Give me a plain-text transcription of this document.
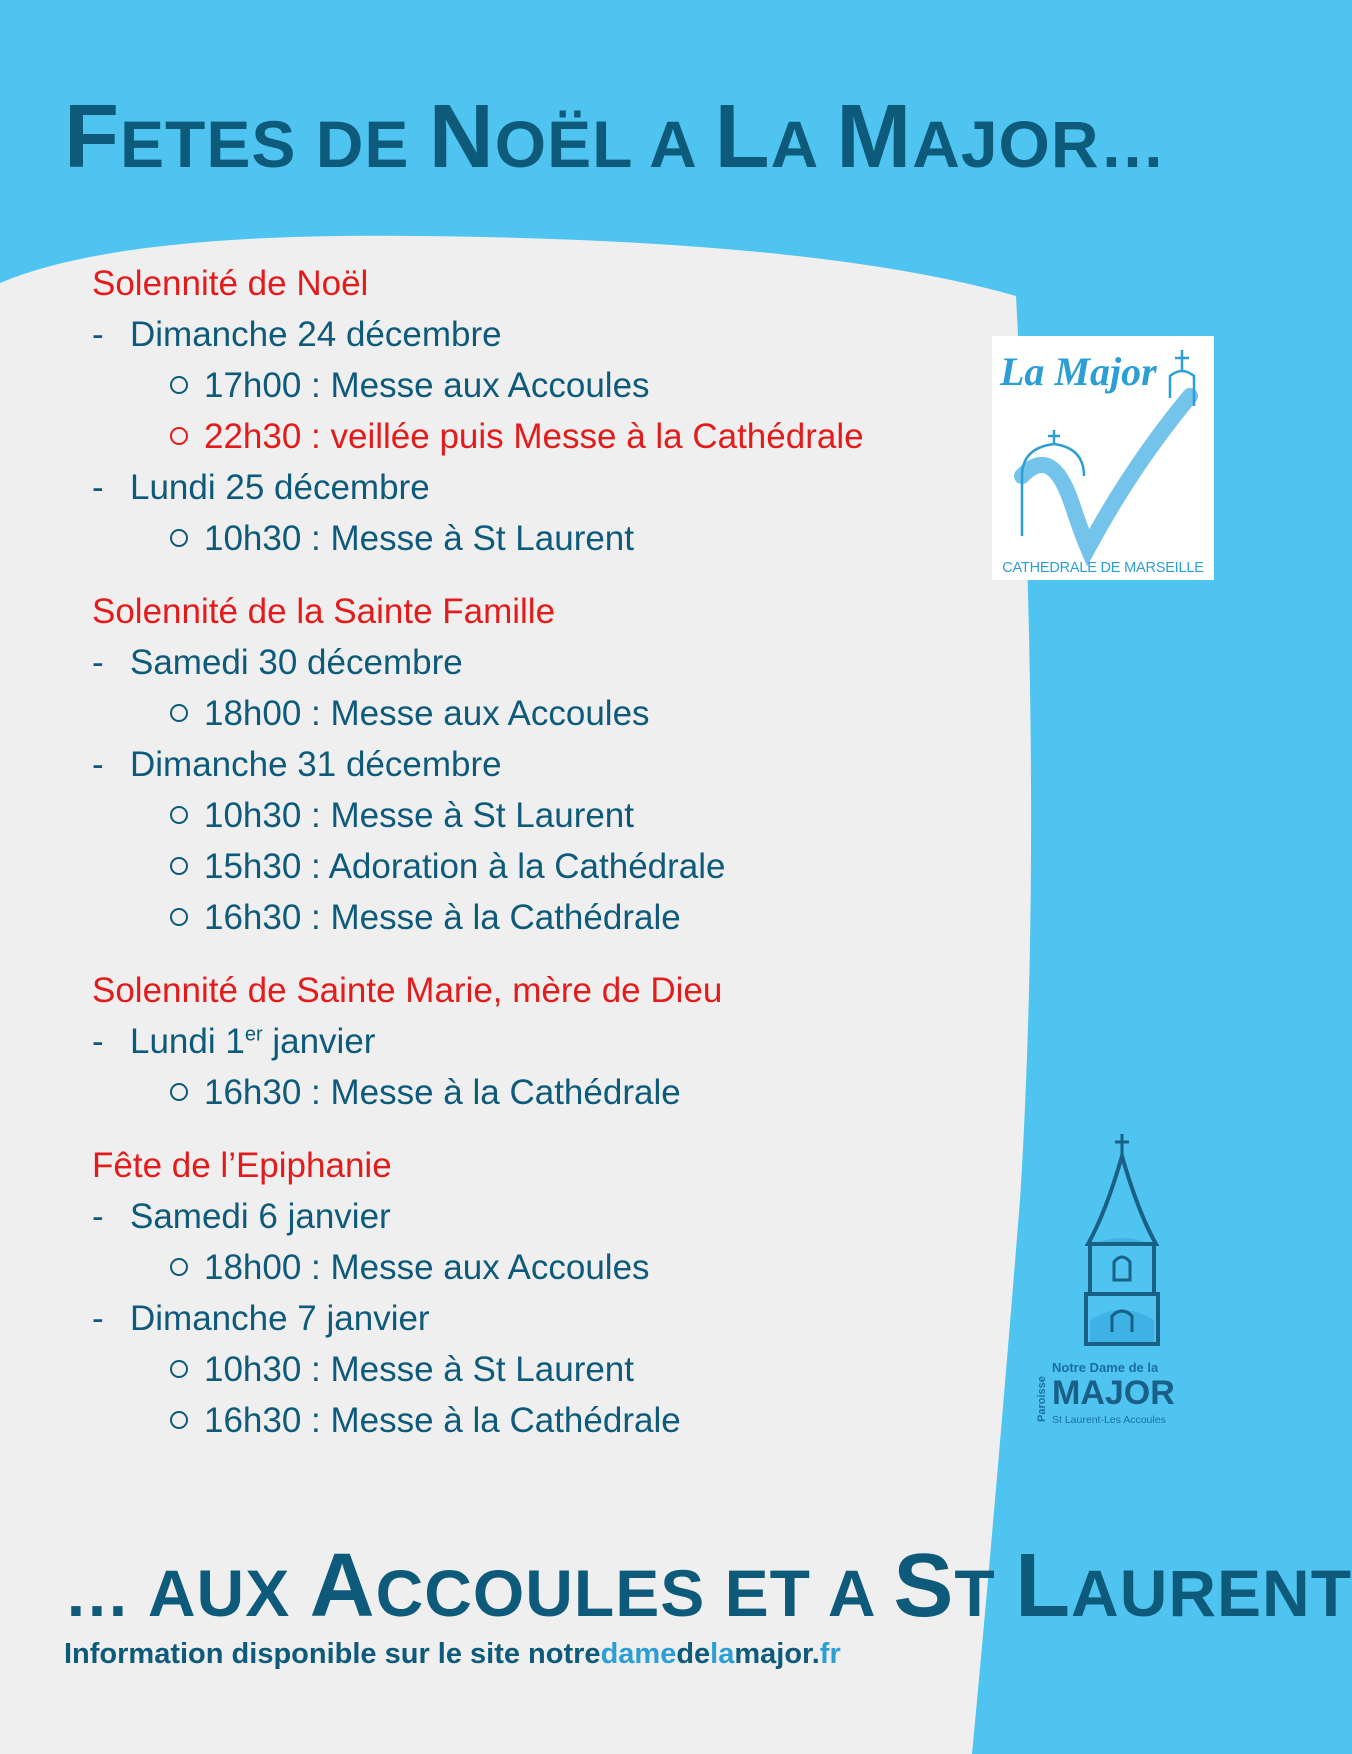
FETES DE NOËL A LA MAJOR…
Solennité de Noël
- Dimanche 24 décembre
17h00 : Messe aux Accoules
22h30 : veillée puis Messe à la Cathédrale
- Lundi 25 décembre
10h30 : Messe à St Laurent
Solennité de la Sainte Famille
- Samedi 30 décembre
18h00 : Messe aux Accoules
- Dimanche 31 décembre
10h30 : Messe à St Laurent
15h30 : Adoration à la Cathédrale
16h30 : Messe à la Cathédrale
Solennité de Sainte Marie, mère de Dieu
- Lundi 1er janvier
16h30 : Messe à la Cathédrale
Fête de l’Epiphanie
- Samedi 6 janvier
18h00 : Messe aux Accoules
- Dimanche 7 janvier
10h30 : Messe à St Laurent
16h30 : Messe à la Cathédrale
La Major
CATHEDRALE DE MARSEILLE
Paroisse
Notre Dame de la
MAJOR
St Laurent-Les Accoules
… AUX ACCOULES ET A ST LAURENT
Information disponible sur le site notredamedelamajor.fr
